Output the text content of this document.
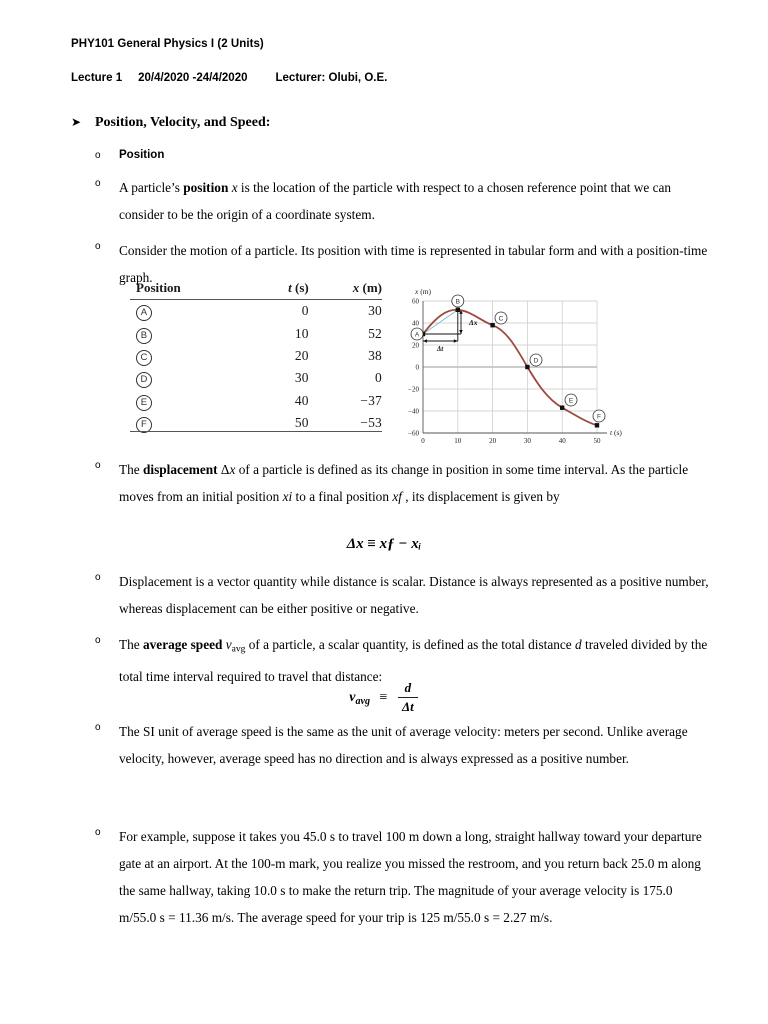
PHY101 General Physics I (2 Units)
Lecture 1 20/4/2020 -24/4/2020 Lecturer: Olubi, O.E.
➤ Position, Velocity, and Speed:
o	Position
o	A particle’s position x is the location of the particle with respect to a chosen reference point that we can consider to be the origin of a coordinate system.
o	Consider the motion of a particle. Its position with time is represented in tabular form and with a position-time graph.
Position	t (s)	x (m)
A	0	30
B	10	52
C	20	38
D	30	0
E	40	−37
F	50	−53
60
40
20
0
−20
−40
−60
0	10	20	30	40	50
x (m)
t (s)
Δt
Δx
A
B
C
D
E
F
o	The displacement Δx of a particle is defined as its change in position in some time interval. As the particle moves from an initial position xi to a final position xf , its displacement is given by
Δx ≡ xƒ − xᵢ
o	Displacement is a vector quantity while distance is scalar. Distance is always represented as a positive number, whereas displacement can be either positive or negative.
o	The average speed $v_{avg}$ of a particle, a scalar quantity, is defined as the total distance d traveled divided by the total time interval required to travel that distance:
$v_{avg} \equiv \frac{d}{\Delta t}$
o	The SI unit of average speed is the same as the unit of average velocity: meters per second. Unlike average velocity, however, average speed has no direction and is always expressed as a positive number.
o	For example, suppose it takes you 45.0 s to travel 100 m down a long, straight hallway toward your departure gate at an airport. At the 100-m mark, you realize you missed the restroom, and you return back 25.0 m along the same hallway, taking 10.0 s to make the return trip. The magnitude of your average velocity is 175.0 m/55.0 s = 11.36 m/s. The average speed for your trip is 125 m/55.0 s = 2.27 m/s.
